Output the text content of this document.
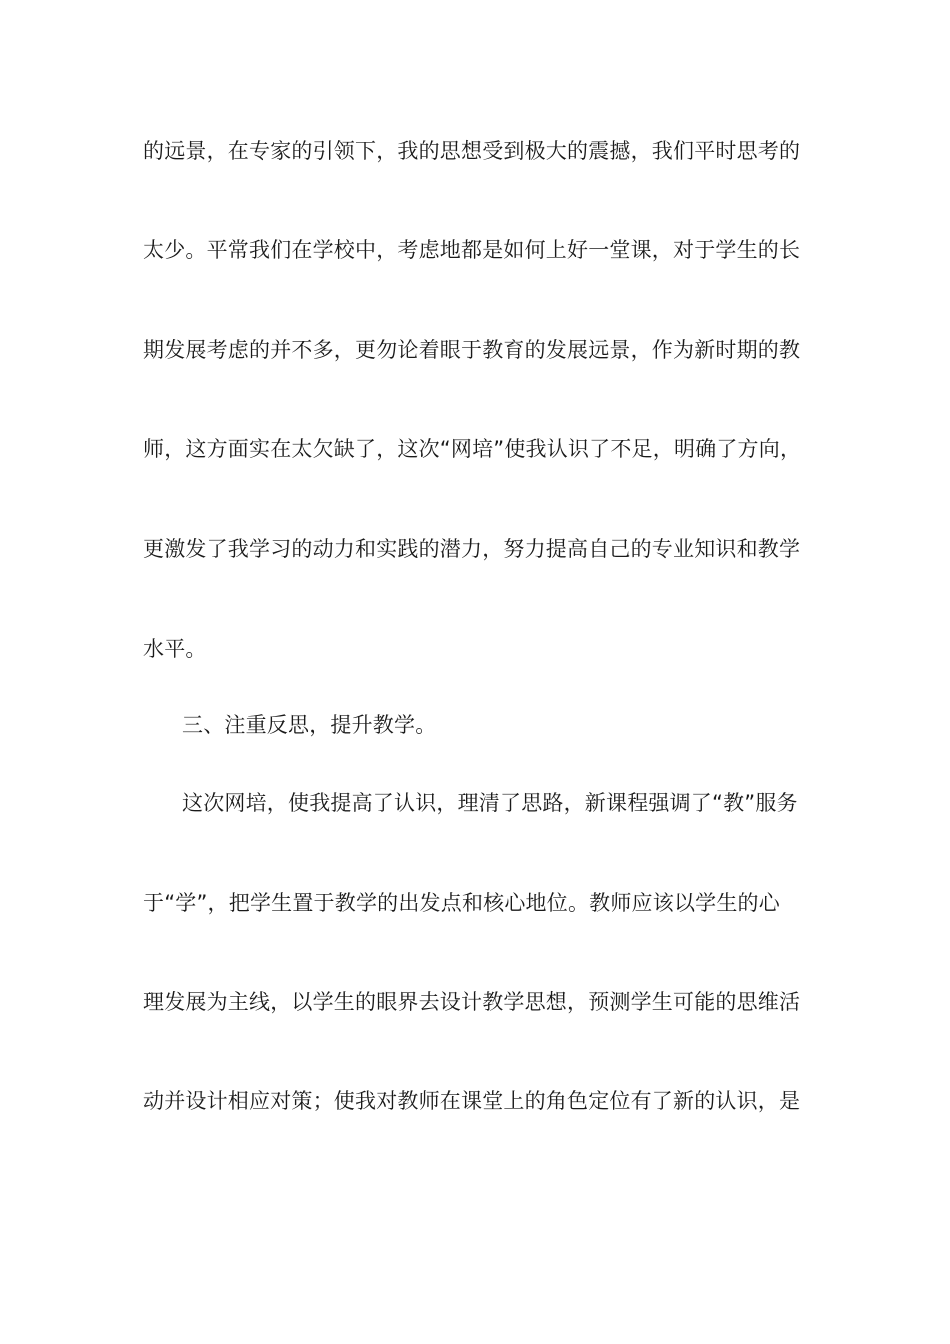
的远景，在专家的引领下，我的思想受到极大的震撼，我们平时思考的
太少。平常我们在学校中，考虑地都是如何上好一堂课，对于学生的长
期发展考虑的并不多，更勿论着眼于教育的发展远景，作为新时期的教
师，这方面实在太欠缺了，这次“网培”使我认识了不足，明确了方向，
更激发了我学习的动力和实践的潜力，努力提高自己的专业知识和教学
水平。
三、注重反思，提升教学。
这次网培，使我提高了认识，理清了思路，新课程强调了“教”服务
于“学”，把学生置于教学的出发点和核心地位。教师应该以学生的心
理发展为主线，以学生的眼界去设计教学思想，预测学生可能的思维活
动并设计相应对策；使我对教师在课堂上的角色定位有了新的认识，是
